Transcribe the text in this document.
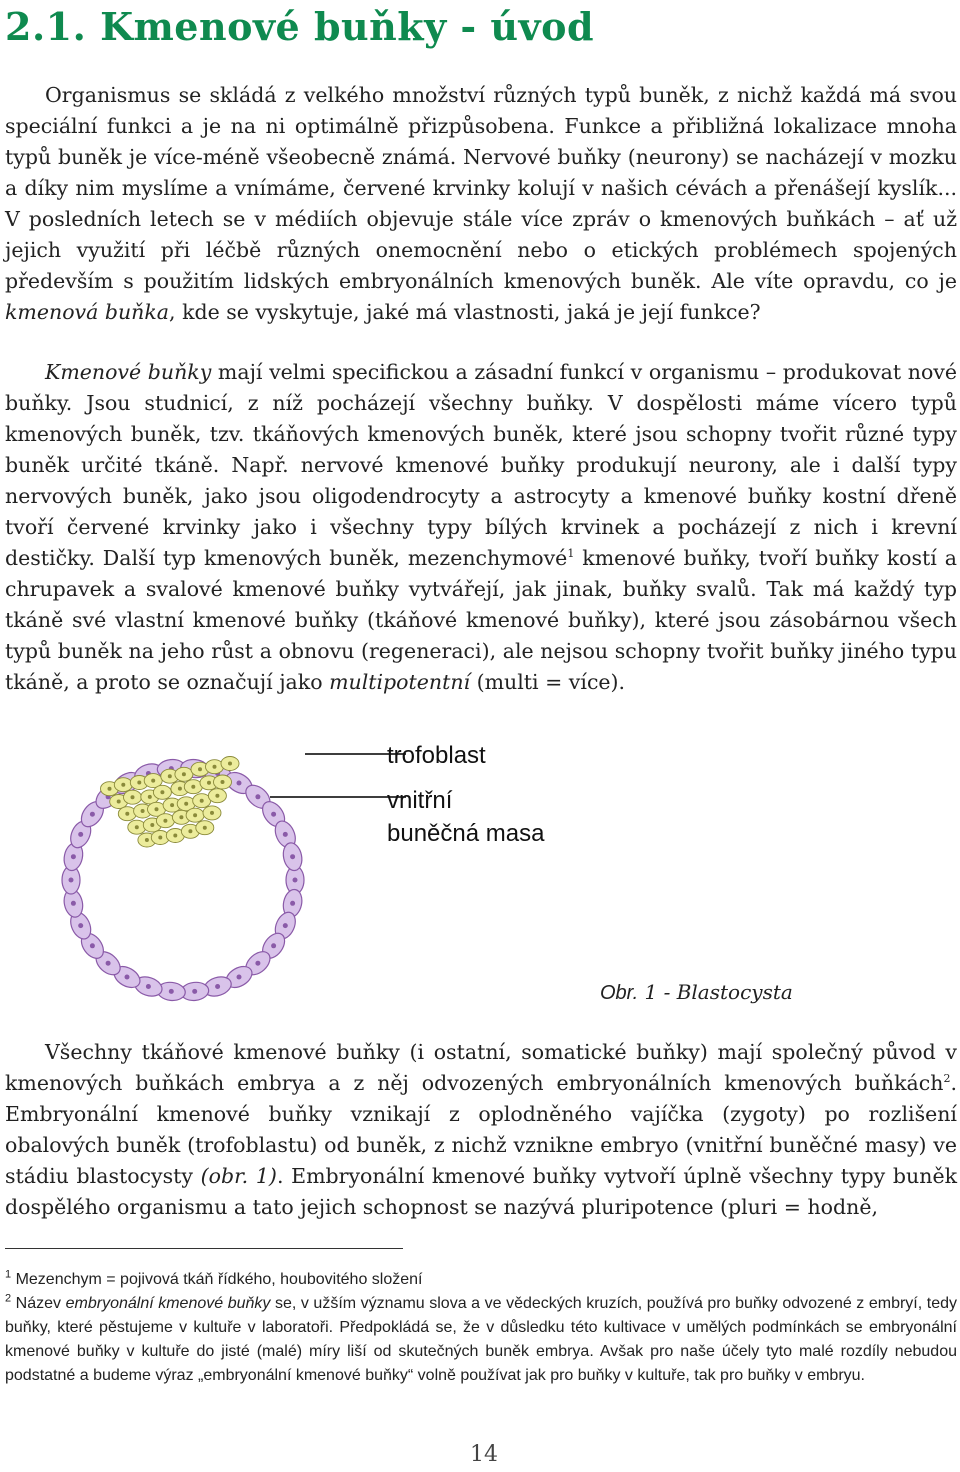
2.1. Kmenové buňky - úvod

Organismus se skládá z velkého množství různých typů buněk, z nichž každá má svou speciální funkci a je na ni optimálně přizpůsobena. Funkce a přibližná lokalizace mnoha typů buněk je více-méně všeobecně známá. Nervové buňky (neurony) se nacházejí v mozku a díky nim myslíme a vnímáme, červené krvinky kolují v našich cévách a přenášejí kyslík... V posledních letech se v médiích objevuje stále více zpráv o kmenových buňkách – ať už jejich využití při léčbě různých onemocnění nebo o etických problémech spojených především s použitím lidských embryonálních kmenových buněk. Ale víte opravdu, co je kmenová buňka, kde se vyskytuje, jaké má vlastnosti, jaká je její funkce?

Kmenové buňky mají velmi specifickou a zásadní funkcí v organismu – produkovat nové buňky. Jsou studnicí, z níž pocházejí všechny buňky. V dospělosti máme vícero typů kmenových buněk, tzv. tkáňových kmenových buněk, které jsou schopny tvořit různé typy buněk určité tkáně. Např. nervové kmenové buňky produkují neurony, ale i další typy nervových buněk, jako jsou oligodendrocyty a astrocyty a kmenové buňky kostní dřeně tvoří červené krvinky jako i všechny typy bílých krvinek a pocházejí z nich i krevní destičky. Další typ kmenových buněk, mezenchymové$^1$ kmenové buňky, tvoří buňky kostí a chrupavek a svalové kmenové buňky vytvářejí, jak jinak, buňky svalů. Tak má každý typ tkáně své vlastní kmenové buňky (tkáňové kmenové buňky), které jsou zásobárnou všech typů buněk na jeho růst a obnovu (regeneraci), ale nejsou schopny tvořit buňky jiného typu tkáně, a proto se označují jako multipotentní (multi = více).

trofoblast
vnitřní
buněčná masa
Obr. 1 - Blastocysta

Všechny tkáňové kmenové buňky (i ostatní, somatické buňky) mají společný původ v kmenových buňkách embrya a z něj odvozených embryonálních kmenových buňkách$^2$. Embryonální kmenové buňky vznikají z oplodněného vajíčka (zygoty) po rozlišení obalových buněk (trofoblastu) od buněk, z nichž vznikne embryo (vnitřní buněčné masy) ve stádiu blastocysty (obr. 1). Embryonální kmenové buňky vytvoří úplně všechny typy buněk dospělého organismu a tato jejich schopnost se nazývá pluripotence (pluri = hodně,

$^1$ Mezenchym = pojivová tkáň řídkého, houbovitého složení

$^2$ Název embryonální kmenové buňky se, v užším významu slova a ve vědeckých kruzích, používá pro buňky odvozené z embryí, tedy buňky, které pěstujeme v kultuře v laboratoři. Předpokládá se, že v důsledku této kultivace v umělých podmínkách se embryonální kmenové buňky v kultuře do jisté (malé) míry liší od skutečných buněk embrya. Avšak pro naše účely tyto malé rozdíly nebudou podstatné a budeme výraz „embryonální kmenové buňky“ volně používat jak pro buňky v kultuře, tak pro buňky v embryu.

14
